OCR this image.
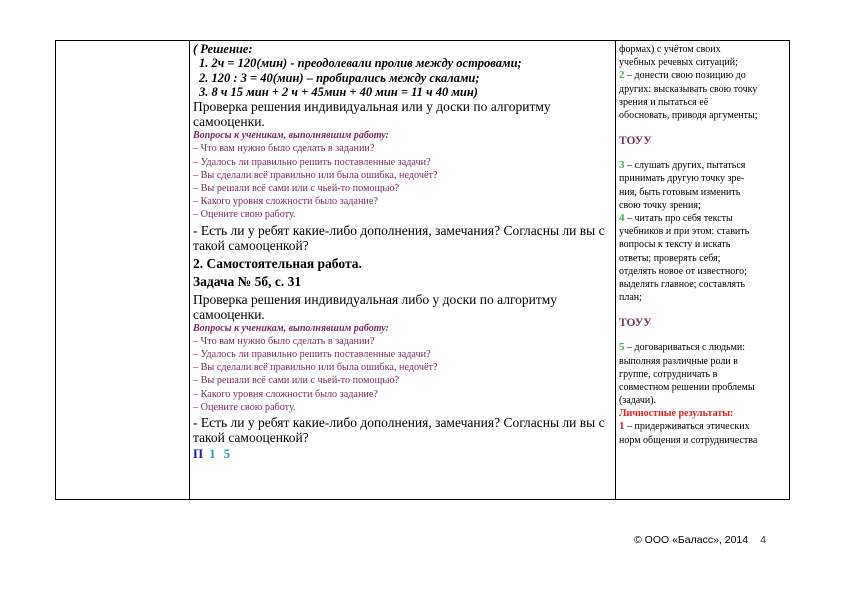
( Решение:
1. 2ч = 120(мин) - преодолевали пролив между островами;
2. 120 : 3 = 40(мин) – пробирались между скалами;
3. 8 ч 15 мин + 2 ч + 45мин + 40 мин = 11 ч 40 мин)
Проверка решения индивидуальная или у доски по алгоритму самооценки.
Вопросы к ученикам, выполнявшим работу:
– Что вам нужно было сделать в задании?
– Удалось ли правильно решить поставленные задачи?
– Вы сделали всё правильно или была ошибка, недочёт?
– Вы решали всё сами или с чьей-то помощью?
– Какого уровня сложности было задание?
– Оцените свою работу.
- Есть ли у ребят какие-либо дополнения, замечания? Согласны ли вы с такой самооценкой?
2. Самостоятельная работа.
Задача № 5б, с. 31
Проверка решения индивидуальная либо у доски по алгоритму самооценки.
Вопросы к ученикам, выполнявшим работу:
– Что вам нужно было сделать в задании?
– Удалось ли правильно решить поставленные задачи?
– Вы сделали всё правильно или была ошибка, недочёт?
– Вы решали всё сами или с чьей-то помощью?
– Какого уровня сложности было задание?
– Оцените свою работу.
- Есть ли у ребят какие-либо дополнения, замечания? Согласны ли вы с такой самооценкой?
П 1 5
формах) с учётом своих
учебных речевых ситуаций;
2 – донести свою позицию до
других: высказывать свою точку
зрения и пытаться её
обосновать, приводя аргументы;
ТОУУ
3 – слушать других, пытаться
принимать другую точку зре-
ния, быть готовым изменить
свою точку зрения;
4 – читать про себя тексты
учебников и при этом: ставить
вопросы к тексту и искать
ответы; проверять себя;
отделять новое от известного;
выделять главное; составлять
план;
ТОУУ
5 – договариваться с людьми:
выполняя различные роли в
группе, сотрудничать в
совместном решении проблемы
(задачи).
Личностные результаты:
1 – придерживаться этических
норм общения и сотрудничества
© ООО «Баласс», 2014 4
